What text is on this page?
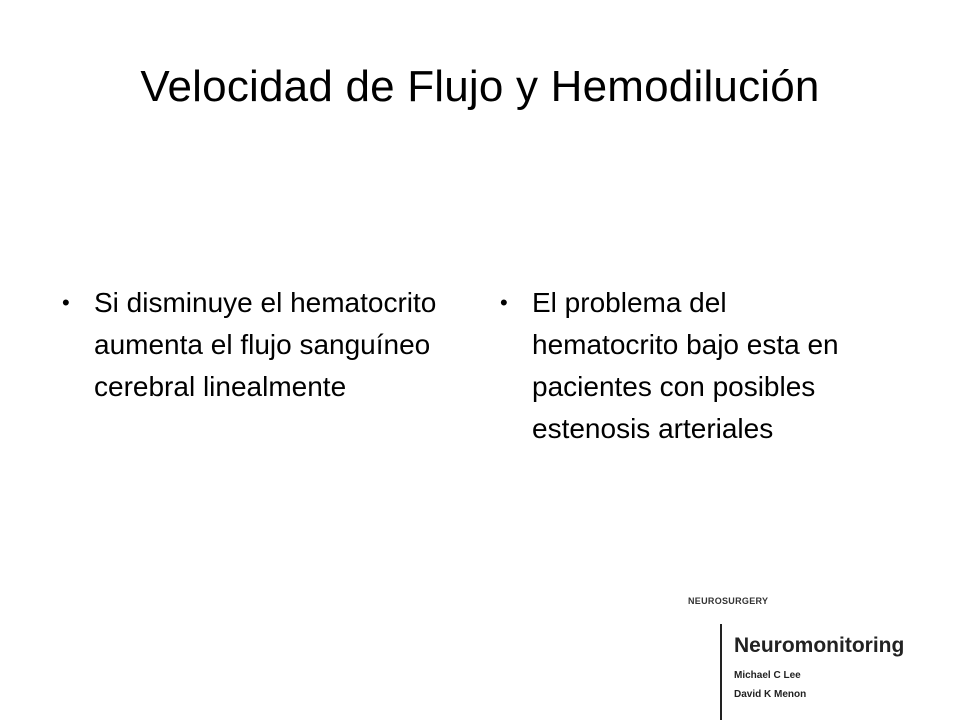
Velocidad de Flujo y Hemodilución
• Si disminuye el hematocrito aumenta el flujo sanguíneo cerebral linealmente
• El problema del hematocrito bajo esta en pacientes con posibles estenosis arteriales
NEUROSURGERY
Neuromonitoring
Michael C Lee
David K Menon
